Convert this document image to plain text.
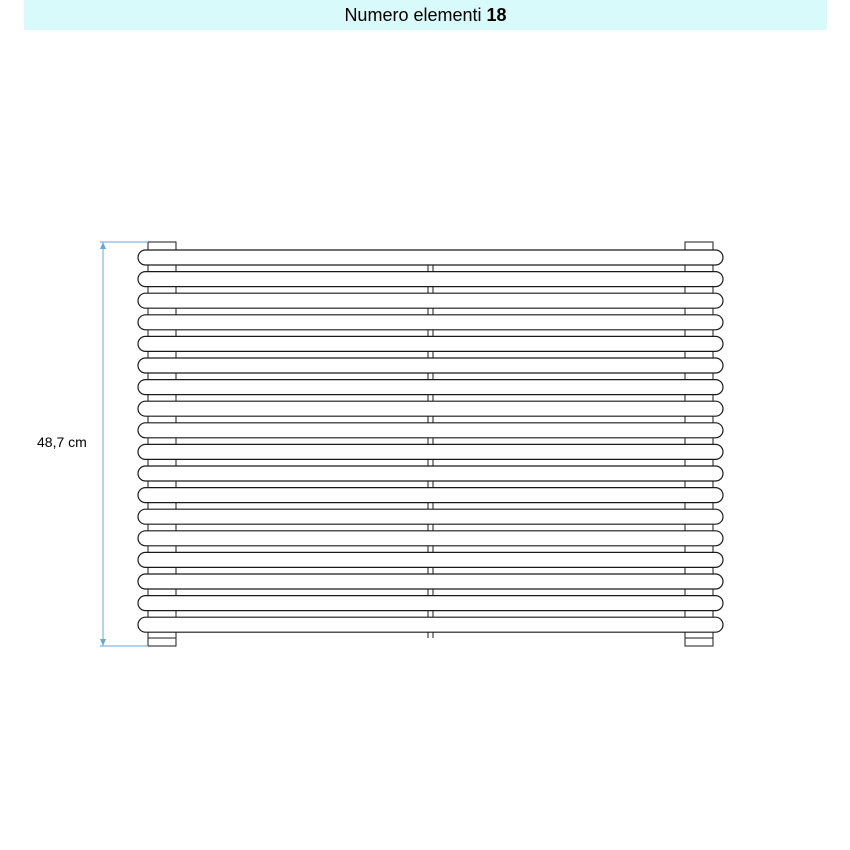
Numero elementi 18
48,7 cm
